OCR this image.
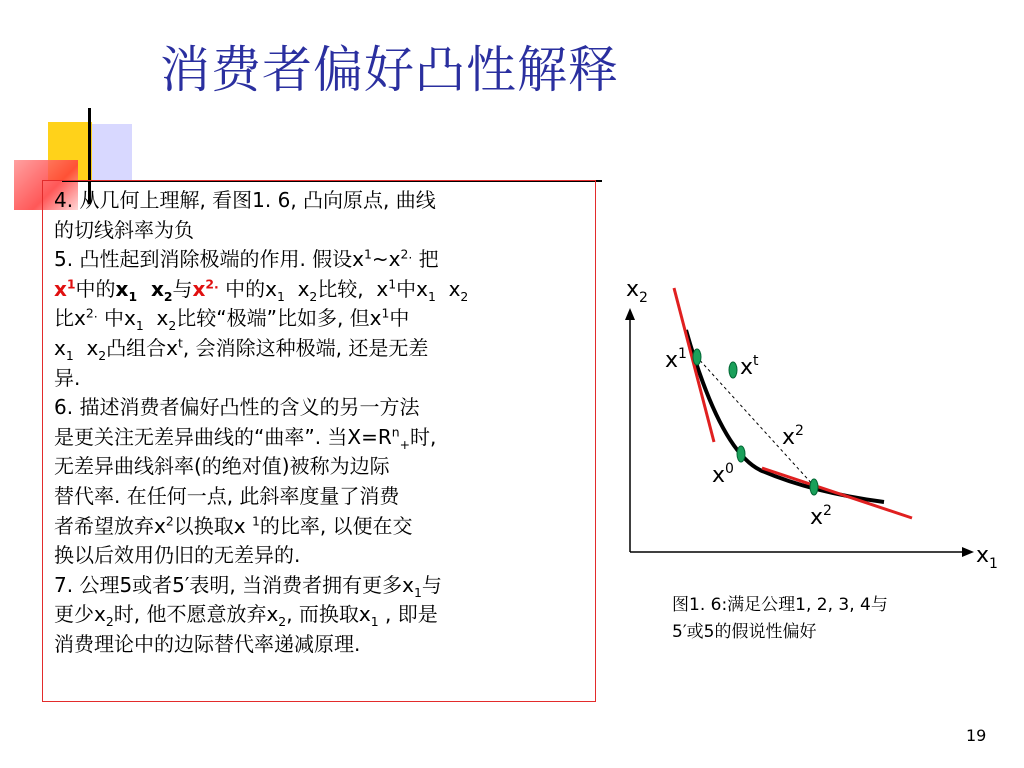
消费者偏好凸性解释
4. 从几何上理解, 看图1. 6, 凸向原点, 曲线
的切线斜率为负
5. 凸性起到消除极端的作用. 假设$x^1\sim x^{2.}$ 把
$x^1$中的$x_1$  $x_2$与$x^{2.}$ 中的$x_1$  $x_2$比较,  $x^1$中$x_1$  $x_2$
比$x^{2.}$ 中$x_1$  $x_2$比较“极端”比如多, 但$x^1$中
$x_1$  $x_2$凸组合$x^t$, 会消除这种极端, 还是无差
异.
6. 描述消费者偏好凸性的含义的另一方法
是更关注无差异曲线的“曲率”. 当$X=R^n_+$时,
无差异曲线斜率(的绝对值)被称为边际
替代率. 在任何一点, 此斜率度量了消费
者希望放弃$x^2$以换取x $^1$的比率, 以便在交
换以后效用仍旧的无差异的.
7. 公理5或者5′表明, 当消费者拥有更多$x_1$与
更少$x_2$时, 他不愿意放弃$x_2$, 而换取$x_1$ , 即是
消费理论中的边际替代率递减原理.
$x_2$
$x_1$
$x^1$
$x^t$
$x^2$
$x^0$
$x^2$
图1. 6:满足公理1, 2, 3, 4与
5′或5的假说性偏好
19
